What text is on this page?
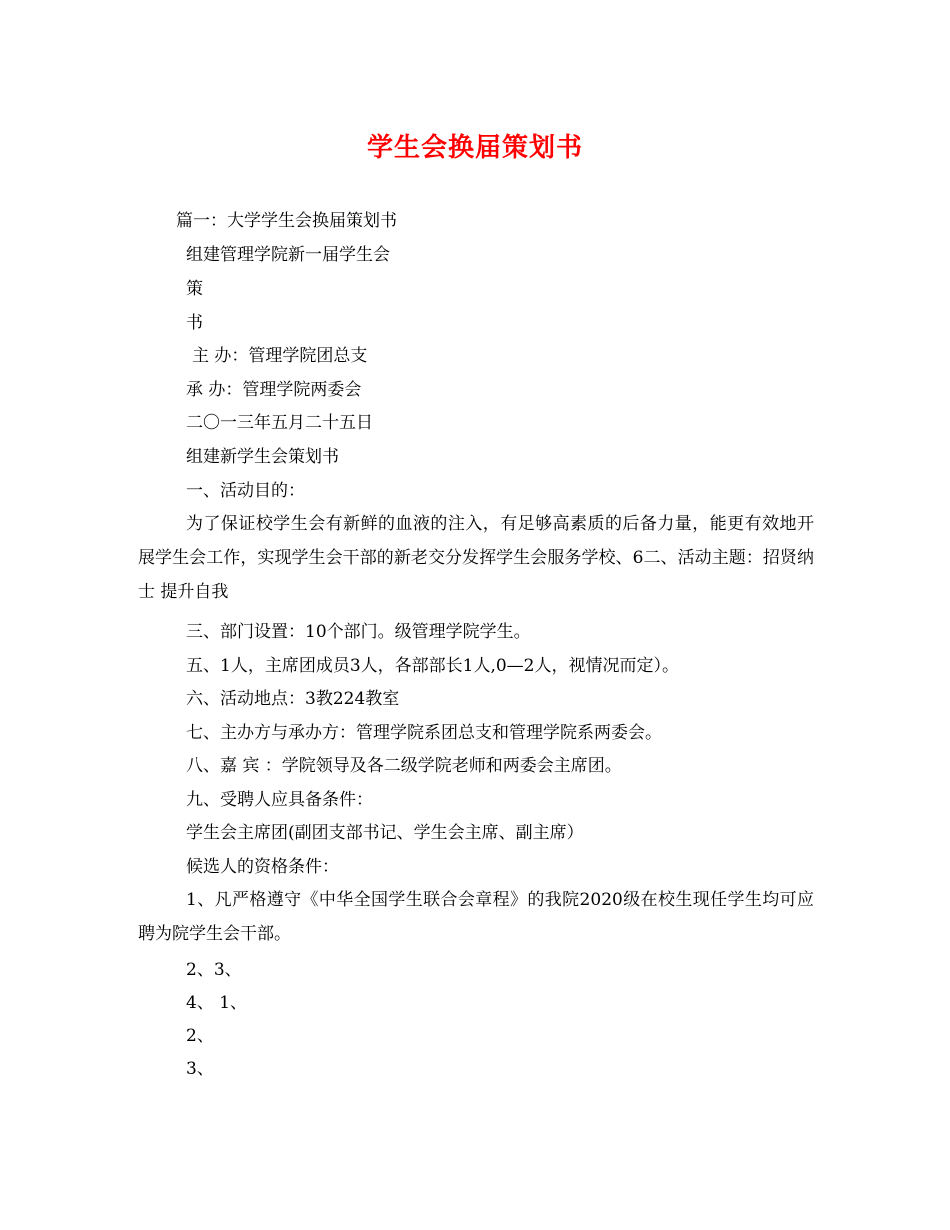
学生会换届策划书
篇一：大学学生会换届策划书
组建管理学院新一届学生会
策
书
主 办：管理学院团总支
承 办：管理学院两委会
二〇一三年五月二十五日
组建新学生会策划书
一、活动目的：
为了保证校学生会有新鲜的血液的注入，有足够高素质的后备力量，能更有效地开展学生会工作，实现学生会干部的新老交分发挥学生会服务学校、6二、活动主题：招贤纳士 提升自我
三、部门设置：10个部门。级管理学院学生。
五、1人，主席团成员3人，各部部长1人,0—2人，视情况而定）。
六、活动地点：3教224教室
七、主办方与承办方：管理学院系团总支和管理学院系两委会。
八、嘉 宾 ：学院领导及各二级学院老师和两委会主席团。
九、受聘人应具备条件：
学生会主席团(副团支部书记、学生会主席、副主席）
候选人的资格条件：
1、凡严格遵守《中华全国学生联合会章程》的我院2020级在校生现任学生均可应聘为院学生会干部。
2、3、
4、 1、
2、
3、
